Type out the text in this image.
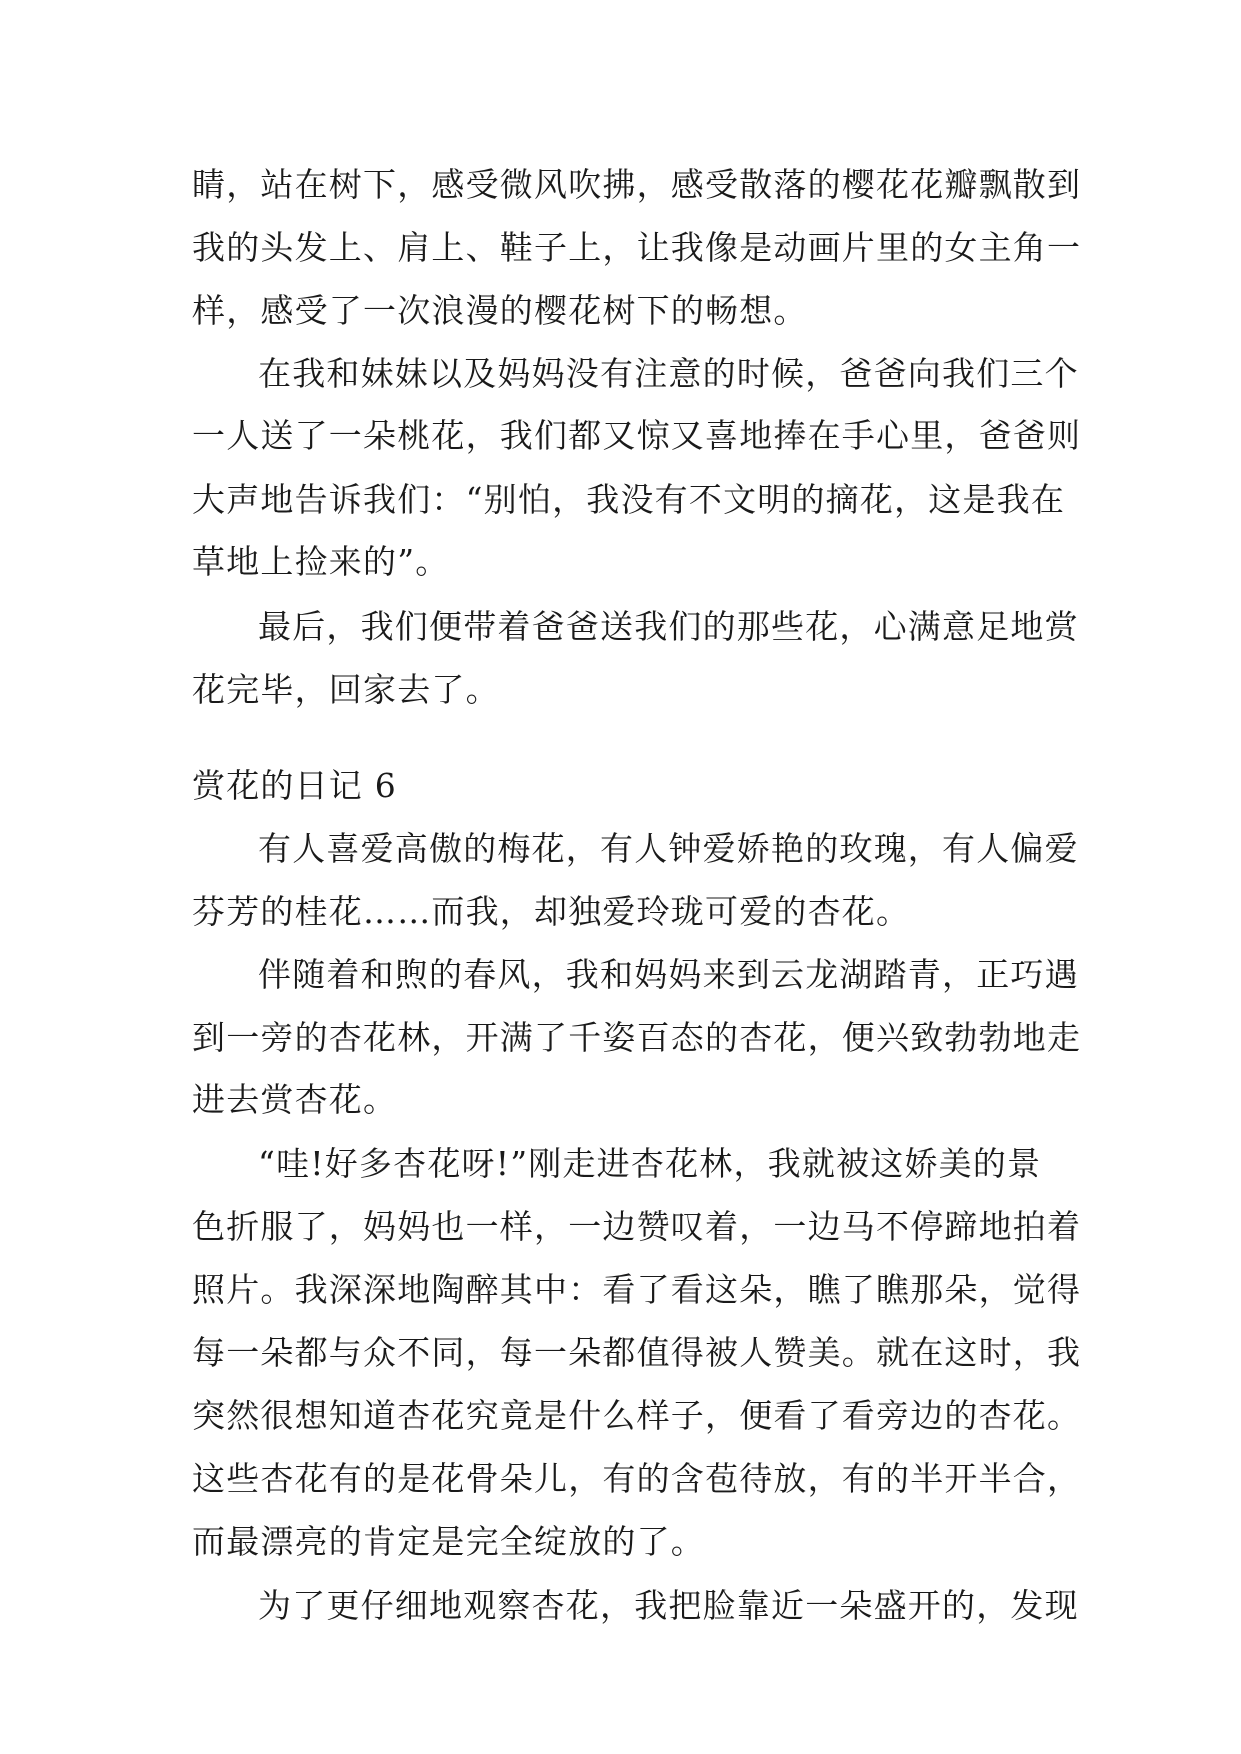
睛，站在树下，感受微风吹拂，感受散落的樱花花瓣飘散到
我的头发上、肩上、鞋子上，让我像是动画片里的女主角一
样，感受了一次浪漫的樱花树下的畅想。
在我和妹妹以及妈妈没有注意的时候，爸爸向我们三个
一人送了一朵桃花，我们都又惊又喜地捧在手心里，爸爸则
大声地告诉我们：“别怕，我没有不文明的摘花，这是我在
草地上捡来的”。
最后，我们便带着爸爸送我们的那些花，心满意足地赏
花完毕，回家去了。
赏花的日记 6
有人喜爱高傲的梅花，有人钟爱娇艳的玫瑰，有人偏爱
芬芳的桂花……而我，却独爱玲珑可爱的杏花。
伴随着和煦的春风，我和妈妈来到云龙湖踏青，正巧遇
到一旁的杏花林，开满了千姿百态的杏花，便兴致勃勃地走
进去赏杏花。
“哇!好多杏花呀!”刚走进杏花林，我就被这娇美的景
色折服了，妈妈也一样，一边赞叹着，一边马不停蹄地拍着
照片。我深深地陶醉其中：看了看这朵，瞧了瞧那朵，觉得
每一朵都与众不同，每一朵都值得被人赞美。就在这时，我
突然很想知道杏花究竟是什么样子，便看了看旁边的杏花。
这些杏花有的是花骨朵儿，有的含苞待放，有的半开半合，
而最漂亮的肯定是完全绽放的了。
为了更仔细地观察杏花，我把脸靠近一朵盛开的，发现
